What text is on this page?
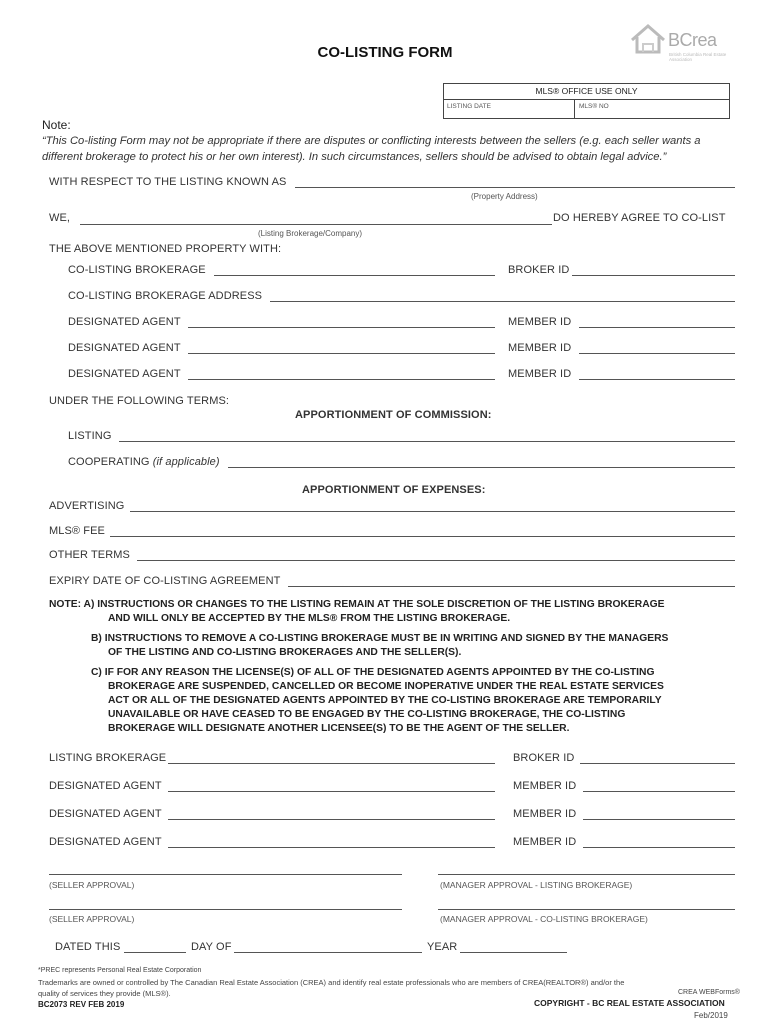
CO-LISTING FORM
BCrea
British Columbia Real Estate Association
MLS® OFFICE USE ONLY
LISTING DATE	MLS® NO
Note:
“This Co-listing Form may not be appropriate if there are disputes or conflicting interests between the sellers (e.g. each seller wants a different brokerage to protect his or her own interest). In such circumstances, sellers should be advised to obtain legal advice.”
WITH RESPECT TO THE LISTING KNOWN AS
(Property Address)
WE,	DO HEREBY AGREE TO CO-LIST
(Listing Brokerage/Company)
THE ABOVE MENTIONED PROPERTY WITH:
CO-LISTING BROKERAGE	BROKER ID
CO-LISTING BROKERAGE ADDRESS
DESIGNATED AGENT	MEMBER ID
DESIGNATED AGENT	MEMBER ID
DESIGNATED AGENT	MEMBER ID
UNDER THE FOLLOWING TERMS:
APPORTIONMENT OF COMMISSION:
LISTING
COOPERATING (if applicable)
APPORTIONMENT OF EXPENSES:
ADVERTISING
MLS® FEE
OTHER TERMS
EXPIRY DATE OF CO-LISTING AGREEMENT
NOTE: A) INSTRUCTIONS OR CHANGES TO THE LISTING REMAIN AT THE SOLE DISCRETION OF THE LISTING BROKERAGE
AND WILL ONLY BE ACCEPTED BY THE MLS® FROM THE LISTING BROKERAGE.
B) INSTRUCTIONS TO REMOVE A CO-LISTING BROKERAGE MUST BE IN WRITING AND SIGNED BY THE MANAGERS
OF THE LISTING AND CO-LISTING BROKERAGES AND THE SELLER(S).
C) IF FOR ANY REASON THE LICENSE(S) OF ALL OF THE DESIGNATED AGENTS APPOINTED BY THE CO-LISTING
BROKERAGE ARE SUSPENDED, CANCELLED OR BECOME INOPERATIVE UNDER THE REAL ESTATE SERVICES
ACT OR ALL OF THE DESIGNATED AGENTS APPOINTED BY THE CO-LISTING BROKERAGE ARE TEMPORARILY
UNAVAILABLE OR HAVE CEASED TO BE ENGAGED BY THE CO-LISTING BROKERAGE, THE CO-LISTING
BROKERAGE WILL DESIGNATE ANOTHER LICENSEE(S) TO BE THE AGENT OF THE SELLER.
LISTING BROKERAGE	BROKER ID
DESIGNATED AGENT	MEMBER ID
DESIGNATED AGENT	MEMBER ID
DESIGNATED AGENT	MEMBER ID
(SELLER APPROVAL)	(MANAGER APPROVAL - LISTING BROKERAGE)
(SELLER APPROVAL)	(MANAGER APPROVAL - CO-LISTING BROKERAGE)
DATED THIS	DAY OF	YEAR
*PREC represents Personal Real Estate Corporation
Trademarks are owned or controlled by The Canadian Real Estate Association (CREA) and identify real estate professionals who are members of CREA(REALTOR®) and/or the
quality of services they provide (MLS®).	CREA WEBForms®
BC2073 REV FEB 2019	COPYRIGHT - BC REAL ESTATE ASSOCIATION
Feb/2019
